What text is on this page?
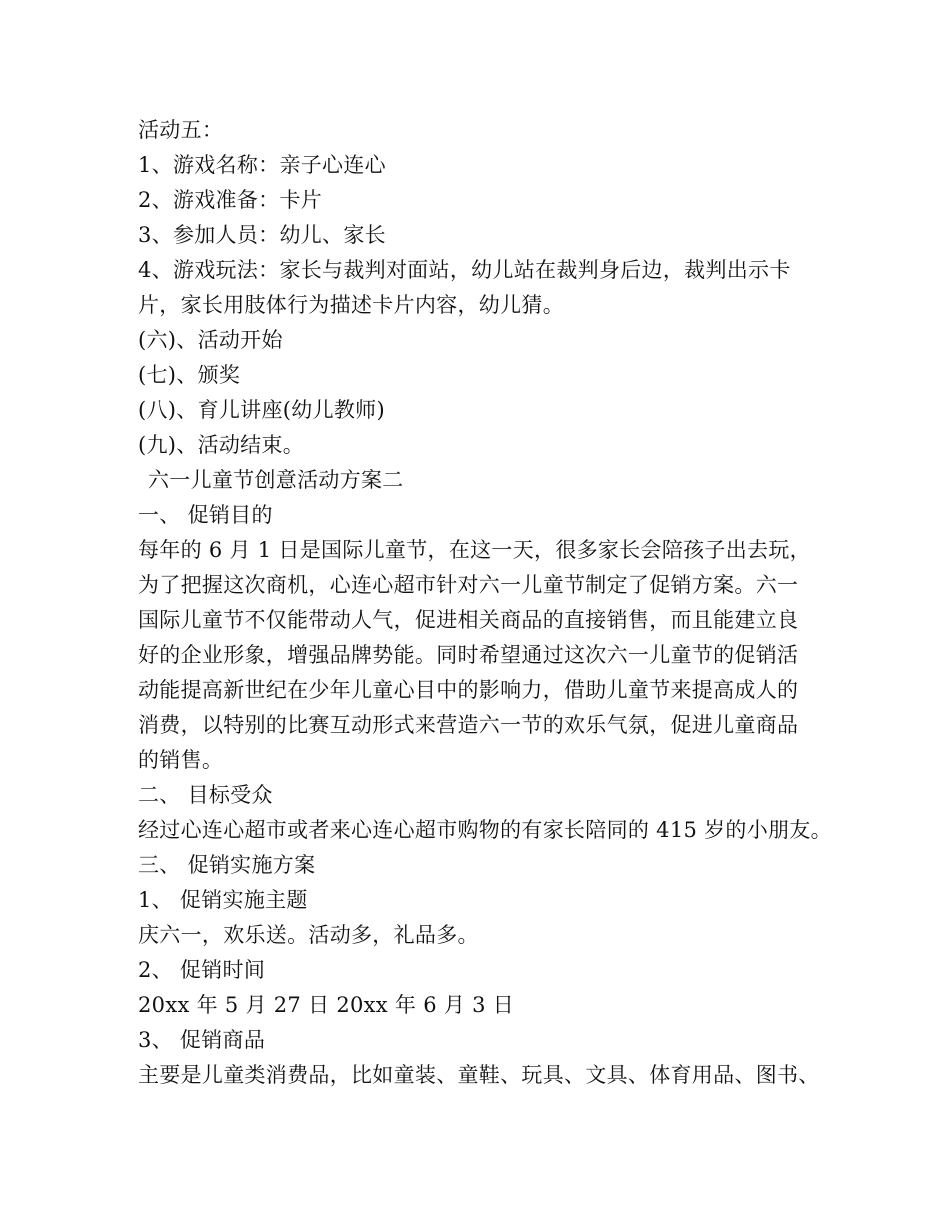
活动五：
1、游戏名称：亲子心连心
2、游戏准备：卡片
3、参加人员：幼儿、家长
4、游戏玩法：家长与裁判对面站，幼儿站在裁判身后边，裁判出示卡
片，家长用肢体行为描述卡片内容，幼儿猜。
(六)、活动开始
(七)、颁奖
(八)、育儿讲座(幼儿教师)
(九)、活动结束。
六一儿童节创意活动方案二
一、 促销目的
每年的 6 月 1 日是国际儿童节，在这一天，很多家长会陪孩子出去玩，
为了把握这次商机，心连心超市针对六一儿童节制定了促销方案。六一
国际儿童节不仅能带动人气，促进相关商品的直接销售，而且能建立良
好的企业形象，增强品牌势能。同时希望通过这次六一儿童节的促销活
动能提高新世纪在少年儿童心目中的影响力，借助儿童节来提高成人的
消费，以特别的比赛互动形式来营造六一节的欢乐气氛，促进儿童商品
的销售。
二、 目标受众
经过心连心超市或者来心连心超市购物的有家长陪同的 415 岁的小朋友。
三、 促销实施方案
1、 促销实施主题
庆六一，欢乐送。活动多，礼品多。
2、 促销时间
20xx 年 5 月 27 日 20xx 年 6 月 3 日
3、 促销商品
主要是儿童类消费品，比如童装、童鞋、玩具、文具、体育用品、图书、
